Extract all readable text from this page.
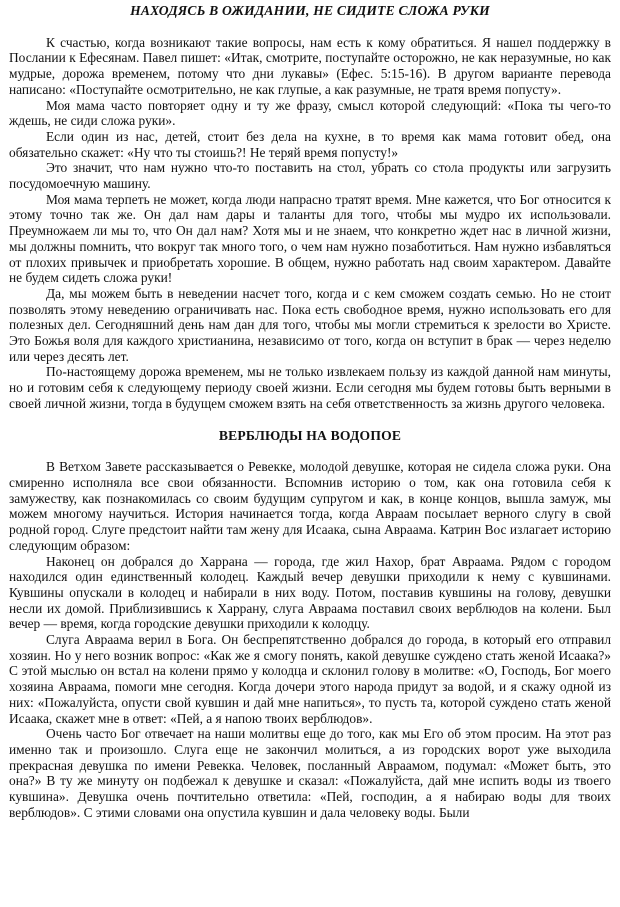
НАХОДЯСЬ В ОЖИДАНИИ, НЕ СИДИТЕ СЛОЖА РУКИ

К счастью, когда возникают такие вопросы, нам есть к кому обратиться. Я нашел поддержку в Послании к Ефесянам. Павел пишет: «Итак, смотрите, поступайте осторожно, не как неразумные, но как мудрые, дорожа временем, потому что дни лукавы» (Ефес. 5:15-16). В другом варианте перевода написано: «Поступайте осмотрительно, не как глупые, а как разумные, не тратя время попусту».

Моя мама часто повторяет одну и ту же фразу, смысл которой следующий: «Пока ты чего-то ждешь, не сиди сложа руки».

Если один из нас, детей, стоит без дела на кухне, в то время как мама готовит обед, она обязательно скажет: «Ну что ты стоишь?! Не теряй время попусту!»

Это значит, что нам нужно что-то поставить на стол, убрать со стола продукты или загрузить посудомоечную машину.

Моя мама терпеть не может, когда люди напрасно тратят время. Мне кажется, что Бог относится к этому точно так же. Он дал нам дары и таланты для того, чтобы мы мудро их использовали. Преумножаем ли мы то, что Он дал нам? Хотя мы и не знаем, что конкретно ждет нас в личной жизни, мы должны помнить, что вокруг так много того, о чем нам нужно позаботиться. Нам нужно избавляться от плохих привычек и приобретать хорошие. В общем, нужно работать над своим характером. Давайте не будем сидеть сложа руки!

Да, мы можем быть в неведении насчет того, когда и с кем сможем создать семью. Но не стоит позволять этому неведению ограничивать нас. Пока есть свободное время, нужно использовать его для полезных дел. Сегодняшний день нам дан для того, чтобы мы могли стремиться к зрелости во Христе. Это Божья воля для каждого христианина, независимо от того, когда он вступит в брак — через неделю или через десять лет.

По-настоящему дорожа временем, мы не только извлекаем пользу из каждой данной нам минуты, но и готовим себя к следующему периоду своей жизни. Если сегодня мы будем готовы быть верными в своей личной жизни, тогда в будущем сможем взять на себя ответственность за жизнь другого человека.

ВЕРБЛЮДЫ НА ВОДОПОЕ

В Ветхом Завете рассказывается о Ревекке, молодой девушке, которая не сидела сложа руки. Она смиренно исполняла все свои обязанности. Вспомнив историю о том, как она готовила себя к замужеству, как познакомилась со своим будущим супругом и как, в конце концов, вышла замуж, мы можем многому научиться. История начинается тогда, когда Авраам посылает верного слугу в свой родной город. Слуге предстоит найти там жену для Исаака, сына Авраама. Катрин Вос излагает историю следующим образом:

Наконец он добрался до Харрана — города, где жил Нахор, брат Авраама. Рядом с городом находился один единственный колодец. Каждый вечер девушки приходили к нему с кувшинами. Кувшины опускали в колодец и набирали в них воду. Потом, поставив кувшины на голову, девушки несли их домой. Приблизившись к Харрану, слуга Авраама поставил своих верблюдов на колени. Был вечер — время, когда городские девушки приходили к колодцу.

Слуга Авраама верил в Бога. Он беспрепятственно добрался до города, в который его отправил хозяин. Но у него возник вопрос: «Как же я смогу понять, какой девушке суждено стать женой Исаака?» С этой мыслью он встал на колени прямо у колодца и склонил голову в молитве: «О, Господь, Бог моего хозяина Авраама, помоги мне сегодня. Когда дочери этого народа придут за водой, и я скажу одной из них: «Пожалуйста, опусти свой кувшин и дай мне напиться», то пусть та, которой суждено стать женой Исаака, скажет мне в ответ: «Пей, а я напою твоих верблюдов».

Очень часто Бог отвечает на наши молитвы еще до того, как мы Его об этом просим. На этот раз именно так и произошло. Слуга еще не закончил молиться, а из городских ворот уже выходила прекрасная девушка по имени Ревекка. Человек, посланный Авраамом, подумал: «Может быть, это она?» В ту же минуту он подбежал к девушке и сказал: «Пожалуйста, дай мне испить воды из твоего кувшина». Девушка очень почтительно ответила: «Пей, господин, а я набираю воды для твоих верблюдов». С этими словами она опустила кувшин и дала человеку воды. Были
